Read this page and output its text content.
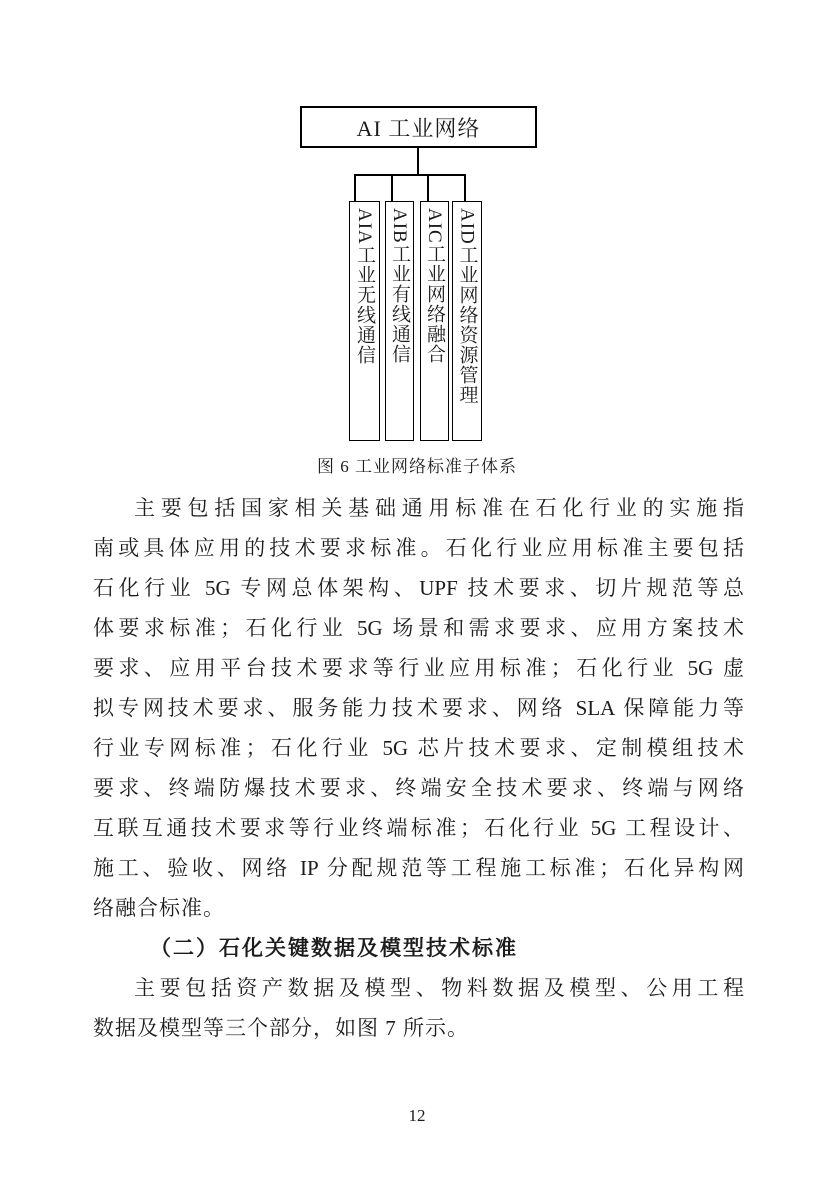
AI 工业网络
AIA工业无线通信 AIB工业有线通信 AIC工业网络融合 AID工业网络资源管理
图 6 工业网络标准子体系
主要包括国家相关基础通用标准在石化行业的实施指
南或具体应用的技术要求标准。石化行业应用标准主要包括
石化行业 5G 专网总体架构、UPF 技术要求、切片规范等总
体要求标准；石化行业 5G 场景和需求要求、应用方案技术
要求、应用平台技术要求等行业应用标准；石化行业 5G 虚
拟专网技术要求、服务能力技术要求、网络 SLA 保障能力等
行业专网标准；石化行业 5G 芯片技术要求、定制模组技术
要求、终端防爆技术要求、终端安全技术要求、终端与网络
互联互通技术要求等行业终端标准；石化行业 5G 工程设计、
施工、验收、网络 IP 分配规范等工程施工标准；石化异构网
络融合标准。
（二）石化关键数据及模型技术标准
主要包括资产数据及模型、物料数据及模型、公用工程
数据及模型等三个部分，如图 7 所示。
12
